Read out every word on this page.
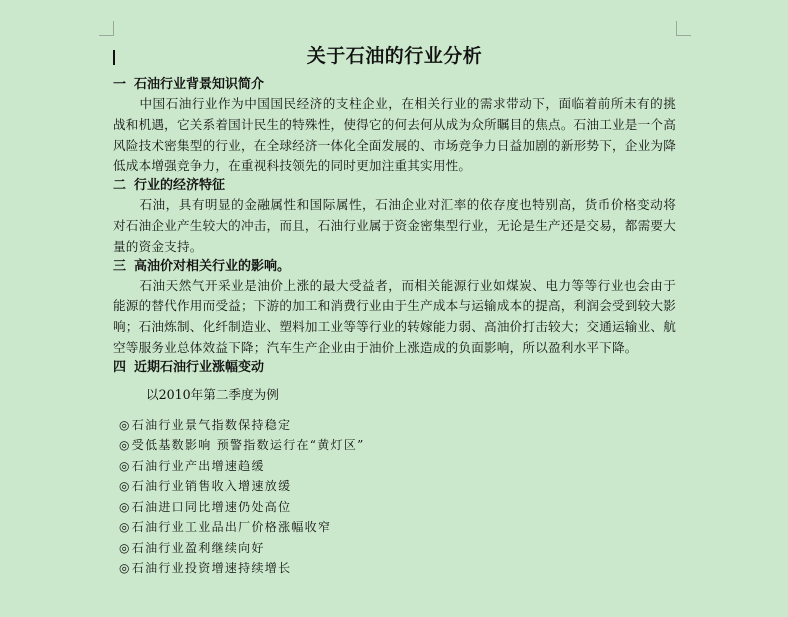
关于石油的行业分析
一 石油行业背景知识简介

中国石油行业作为中国国民经济的支柱企业，在相关行业的需求带动下，面临着前所未有的挑战和机遇，它关系着国计民生的特殊性，使得它的何去何从成为众所瞩目的焦点。石油工业是一个高风险技术密集型的行业，在全球经济一体化全面发展的、市场竞争力日益加剧的新形势下，企业为降低成本增强竞争力，在重视科技领先的同时更加注重其实用性。

二 行业的经济特征

石油，具有明显的金融属性和国际属性，石油企业对汇率的依存度也特别高，货币价格变动将对石油企业产生较大的冲击，而且，石油行业属于资金密集型行业，无论是生产还是交易，都需要大量的资金支持。

三 高油价对相关行业的影响。

石油天然气开采业是油价上涨的最大受益者，而相关能源行业如煤炭、电力等等行业也会由于能源的替代作用而受益；下游的加工和消费行业由于生产成本与运输成本的提高，利润会受到较大影响；石油炼制、化纤制造业、塑料加工业等等行业的转嫁能力弱、高油价打击较大；交通运输业、航空等服务业总体效益下降；汽车生产企业由于油价上涨造成的负面影响，所以盈利水平下降。

四 近期石油行业涨幅变动

以2010年第二季度为例

◎石油行业景气指数保持稳定
◎受低基数影响 预警指数运行在“黄灯区”
◎石油行业产出增速趋缓
◎石油行业销售收入增速放缓
◎石油进口同比增速仍处高位
◎石油行业工业品出厂价格涨幅收窄
◎石油行业盈利继续向好
◎石油行业投资增速持续增长
